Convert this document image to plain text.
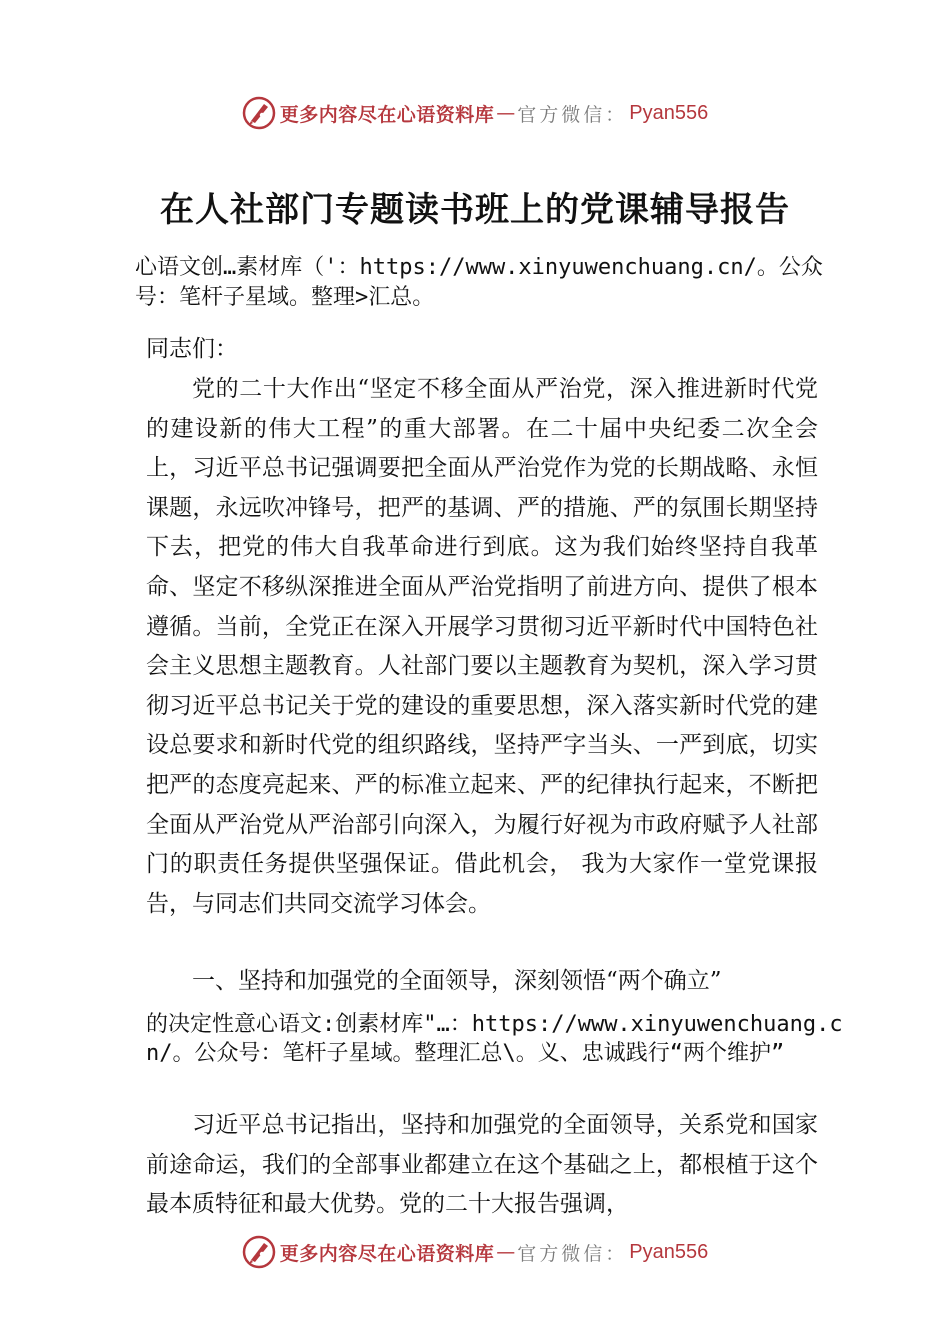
更多内容尽在心语资料库 — 官方微信： Pyan556
在人社部门专题读书班上的党课辅导报告
心语文创…素材库（'：https://www.xinyuwenchuang.cn/。公众号：笔杆子星域。整理>汇总。
同志们：
党的二十大作出“坚定不移全面从严治党，深入推进新时代党的建设新的伟大工程”的重大部署。在二十届中央纪委二次全会上，习近平总书记强调要把全面从严治党作为党的长期战略、永恒课题，永远吹冲锋号，把严的基调、严的措施、严的氛围长期坚持下去，把党的伟大自我革命进行到底。这为我们始终坚持自我革命、坚定不移纵深推进全面从严治党指明了前进方向、提供了根本遵循。当前，全党正在深入开展学习贯彻习近平新时代中国特色社会主义思想主题教育。人社部门要以主题教育为契机，深入学习贯彻习近平总书记关于党的建设的重要思想，深入落实新时代党的建设总要求和新时代党的组织路线，坚持严字当头、一严到底，切实把严的态度亮起来、严的标准立起来、严的纪律执行起来，不断把全面从严治党从严治部引向深入，为履行好视为市政府赋予人社部门的职责任务提供坚强保证。借此机会， 我为大家作一堂党课报告，与同志们共同交流学习体会。
一、坚持和加强党的全面领导，深刻领悟“两个确立”
的决定性意心语文:创素材库"…：https://www.xinyuwenchuang.cn/。公众号：笔杆子星域。整理汇总\。义、忠诚践行“两个维护”
习近平总书记指出，坚持和加强党的全面领导，关系党和国家前途命运，我们的全部事业都建立在这个基础之上，都根植于这个最本质特征和最大优势。党的二十大报告强调，
更多内容尽在心语资料库 — 官方微信： Pyan556
